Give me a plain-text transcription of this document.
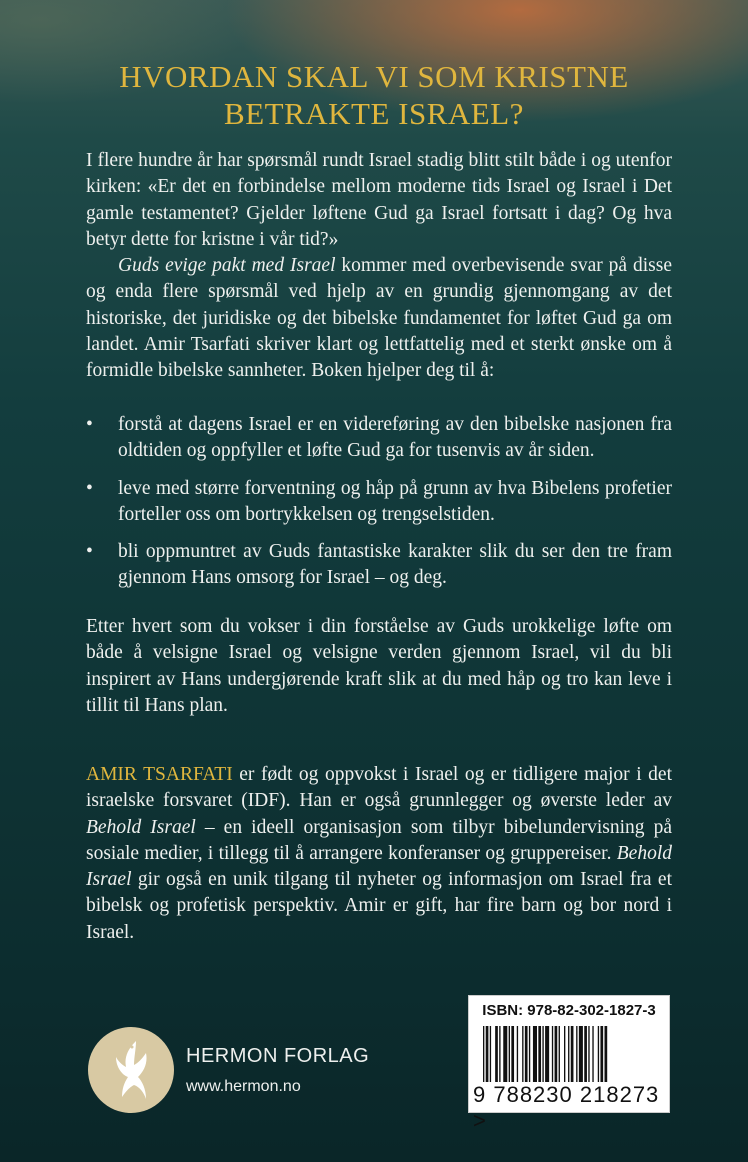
HVORDAN SKAL VI SOM KRISTNE
BETRAKTE ISRAEL?

I flere hundre år har spørsmål rundt Israel stadig blitt stilt både i og utenfor kirken: «Er det en forbindelse mellom moderne tids Israel og Israel i Det gamle testamentet? Gjelder løftene Gud ga Israel fortsatt i dag? Og hva betyr dette for kristne i vår tid?»

Guds evige pakt med Israel kommer med overbevisende svar på disse og enda flere spørsmål ved hjelp av en grundig gjennomgang av det historiske, det juridiske og det bibelske fundamentet for løftet Gud ga om landet. Amir Tsarfati skriver klart og lettfattelig med et sterkt ønske om å formidle bibelske sannheter. Boken hjelper deg til å:

• forstå at dagens Israel er en videreføring av den bibelske nasjonen fra oldtiden og oppfyller et løfte Gud ga for tusenvis av år siden.
• leve med større forventning og håp på grunn av hva Bibelens profetier forteller oss om bortrykkelsen og trengselstiden.
• bli oppmuntret av Guds fantastiske karakter slik du ser den tre fram gjennom Hans omsorg for Israel – og deg.

Etter hvert som du vokser i din forståelse av Guds urokkelige løfte om både å velsigne Israel og velsigne verden gjennom Israel, vil du bli inspirert av Hans undergjørende kraft slik at du med håp og tro kan leve i tillit til Hans plan.

AMIR TSARFATI er født og oppvokst i Israel og er tidligere major i det israelske forsvaret (IDF). Han er også grunnlegger og øverste leder av Behold Israel – en ideell organisasjon som tilbyr bibelundervisning på sosiale medier, i tillegg til å arrangere konferanser og gruppereiser. Behold Israel gir også en unik tilgang til nyheter og informasjon om Israel fra et bibelsk og profetisk perspektiv. Amir er gift, har fire barn og bor nord i Israel.

HERMON FORLAG
www.hermon.no
ISBN: 978-82-302-1827-3
9 788230 218273 >
